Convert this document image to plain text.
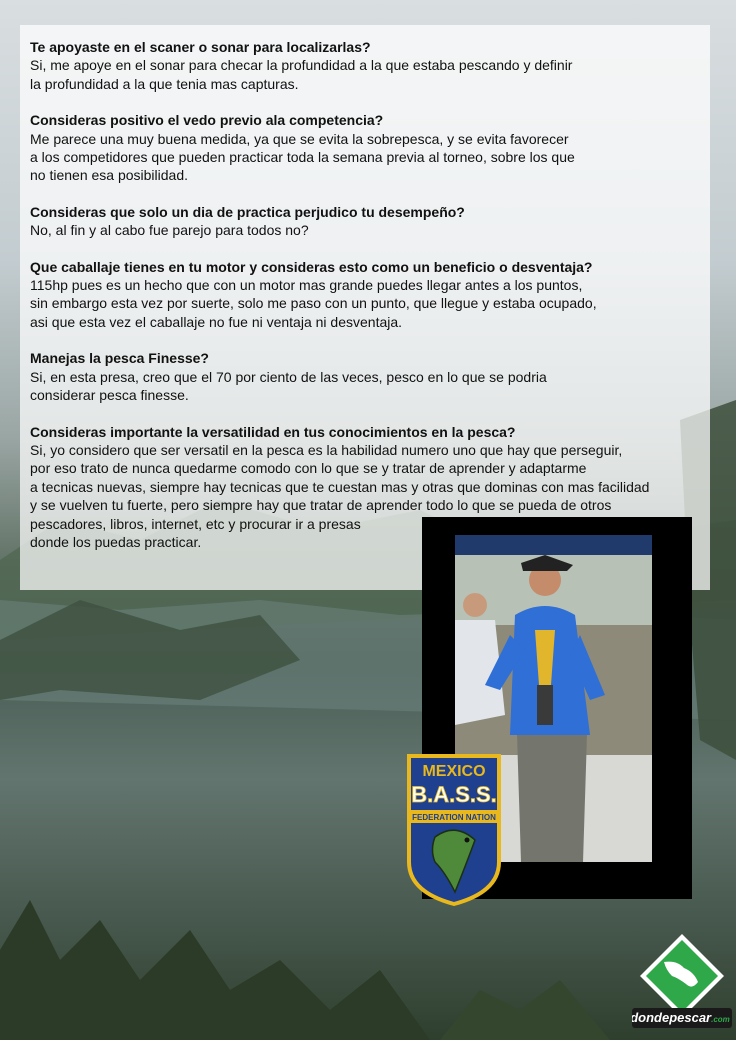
Te apoyaste en el scaner o sonar para localizarlas?
Si, me apoye en el sonar para checar la profundidad a la que estaba pescando y definir
la profundidad a la que tenia mas capturas.
Consideras positivo el vedo previo ala competencia?
Me parece una muy buena medida, ya que se evita la sobrepesca, y se evita favorecer
a los competidores que pueden practicar toda la semana previa al torneo, sobre los que
no tienen esa posibilidad.
Consideras que solo un dia de practica perjudico tu desempeño?
No, al fin y al cabo fue parejo para todos no?
Que caballaje tienes en tu motor y consideras esto como un beneficio o desventaja?
115hp pues es un hecho que con un motor mas grande puedes llegar antes a los puntos,
sin embargo esta vez por suerte, solo me paso con un punto, que llegue y estaba ocupado,
asi que esta vez el caballaje no fue ni ventaja ni desventaja.
Manejas la pesca Finesse?
Si, en esta presa, creo que el 70 por ciento de las veces, pesco en lo que se podria
considerar pesca finesse.
Consideras importante la versatilidad en tus conocimientos en la pesca?
Si, yo considero que ser versatil en la pesca es la habilidad numero uno que hay que perseguir,
por eso trato de nunca quedarme comodo con lo que se y tratar de aprender y adaptarme
a tecnicas nuevas, siempre hay tecnicas que te cuestan mas y otras que dominas con mas facilidad
y se vuelven tu fuerte, pero siempre hay que tratar de aprender todo lo que se pueda de otros
pescadores, libros, internet, etc y procurar ir a presas
donde los puedas practicar.
MEXICO
B.A.S.S.
FEDERATION NATION
dondepescar.com
